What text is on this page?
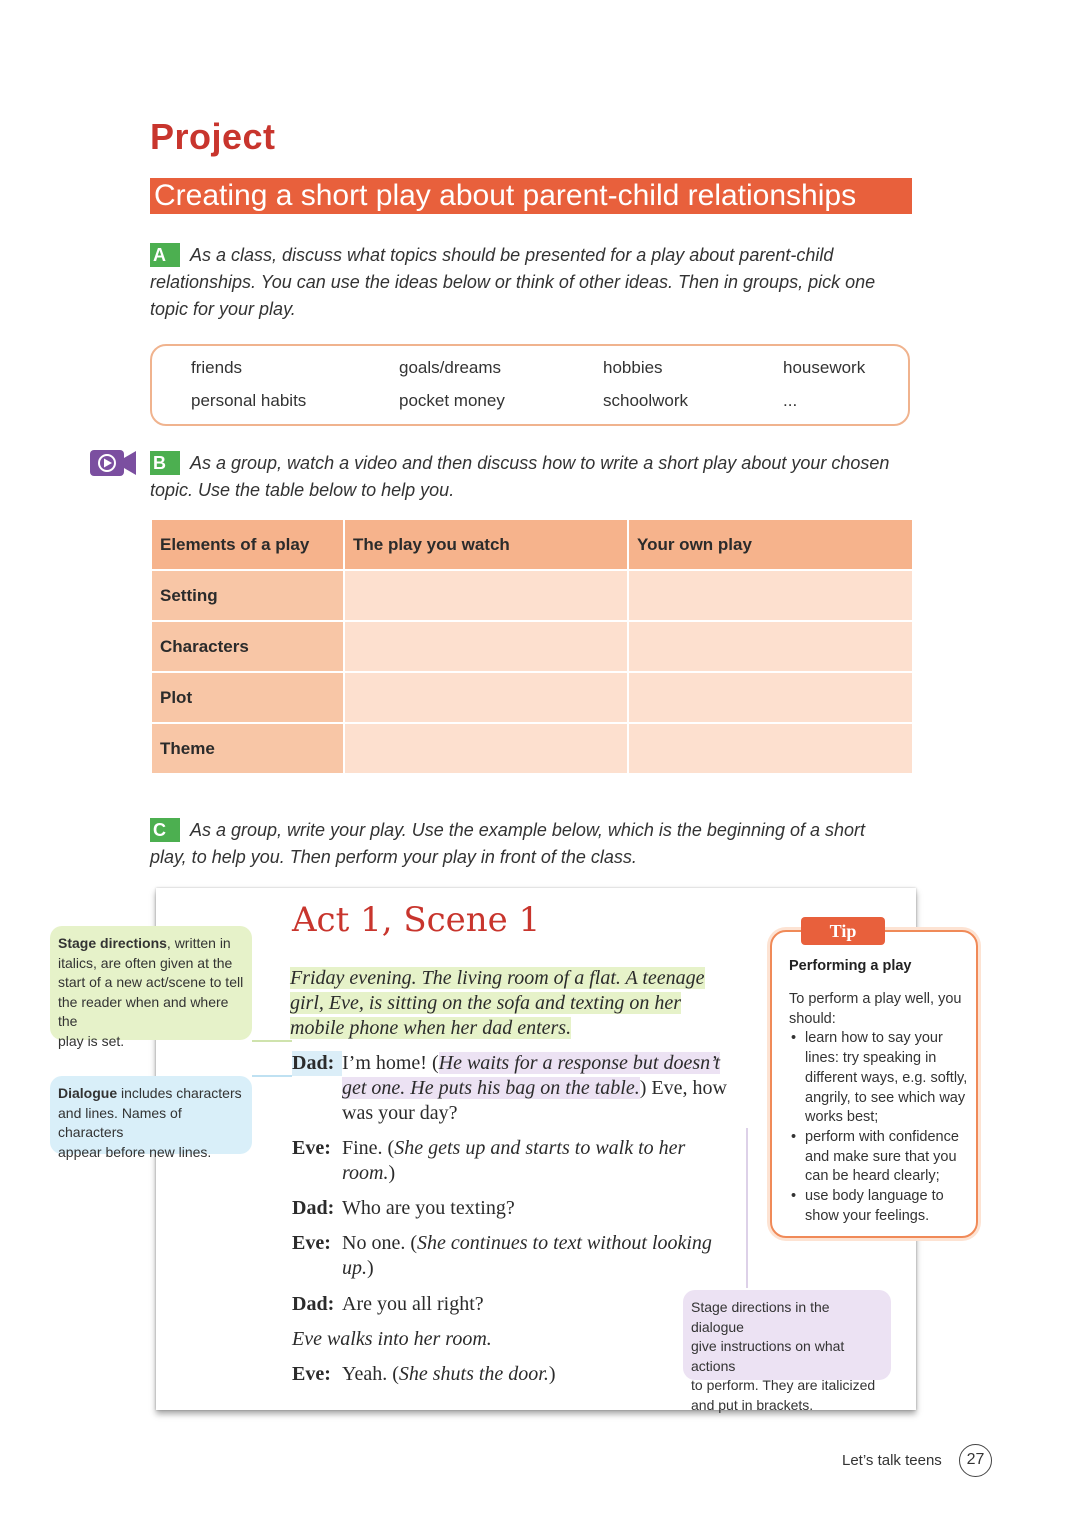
Project
Creating a short play about parent-child relationships
A	As a class, discuss what topics should be presented for a play about parent-child
relationships. You can use the ideas below or think of other ideas. Then in groups, pick one
topic for your play.
friends	goals/dreams	hobbies	housework
personal habits	pocket money	schoolwork	...
B	As a group, watch a video and then discuss how to write a short play about your chosen
topic. Use the table below to help you.
Elements of a play	The play you watch	Your own play
Setting		
Characters		
Plot		
Theme		
C	As a group, write your play. Use the example below, which is the beginning of a short
play, to help you. Then perform your play in front of the class.
Act 1, Scene 1
Friday evening. The living room of a flat. A teenage
girl, Eve, is sitting on the sofa and texting on her
mobile phone when her dad enters.
Dad: I’m home! (He waits for a response but doesn’t
get one. He puts his bag on the table.) Eve, how
was your day?
Eve: Fine. (She gets up and starts to walk to her
room.)
Dad: Who are you texting?
Eve: No one. (She continues to text without looking
up.)
Dad: Are you all right?
Eve walks into her room.
Eve: Yeah. (She shuts the door.)
Stage directions, written in
italics, are often given at the
start of a new act/scene to tell
the reader when and where the
play is set.
Dialogue includes characters
and lines. Names of characters
appear before new lines.
Stage directions in the dialogue
give instructions on what actions
to perform. They are italicized
and put in brackets.
Tip
Performing a play
To perform a play well, you should:
• learn how to say your lines: try speaking in different ways, e.g. softly, angrily, to see which way works best;
• perform with confidence and make sure that you can be heard clearly;
• use body language to show your feelings.
Let’s talk teens	27
